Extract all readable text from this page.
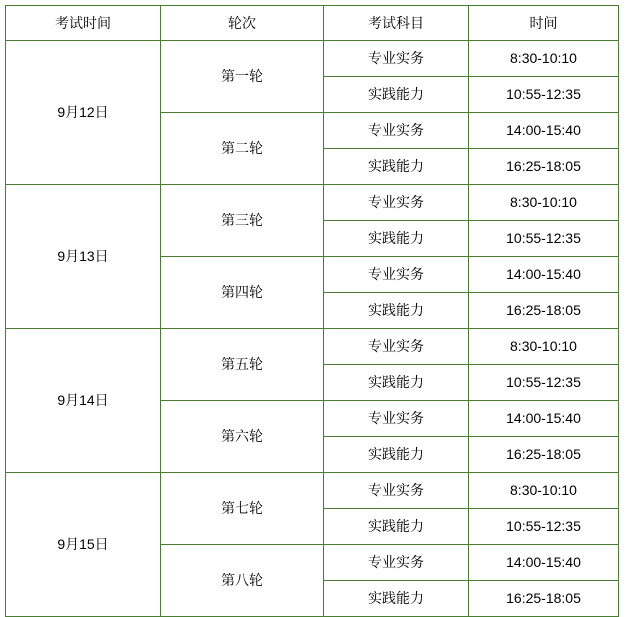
考试时间	轮次	考试科目	时间
9月12日	第一轮	专业实务	8:30-10:10
		实践能力	10:55-12:35
	第二轮	专业实务	14:00-15:40
		实践能力	16:25-18:05
9月13日	第三轮	专业实务	8:30-10:10
		实践能力	10:55-12:35
	第四轮	专业实务	14:00-15:40
		实践能力	16:25-18:05
9月14日	第五轮	专业实务	8:30-10:10
		实践能力	10:55-12:35
	第六轮	专业实务	14:00-15:40
		实践能力	16:25-18:05
9月15日	第七轮	专业实务	8:30-10:10
		实践能力	10:55-12:35
	第八轮	专业实务	14:00-15:40
		实践能力	16:25-18:05
